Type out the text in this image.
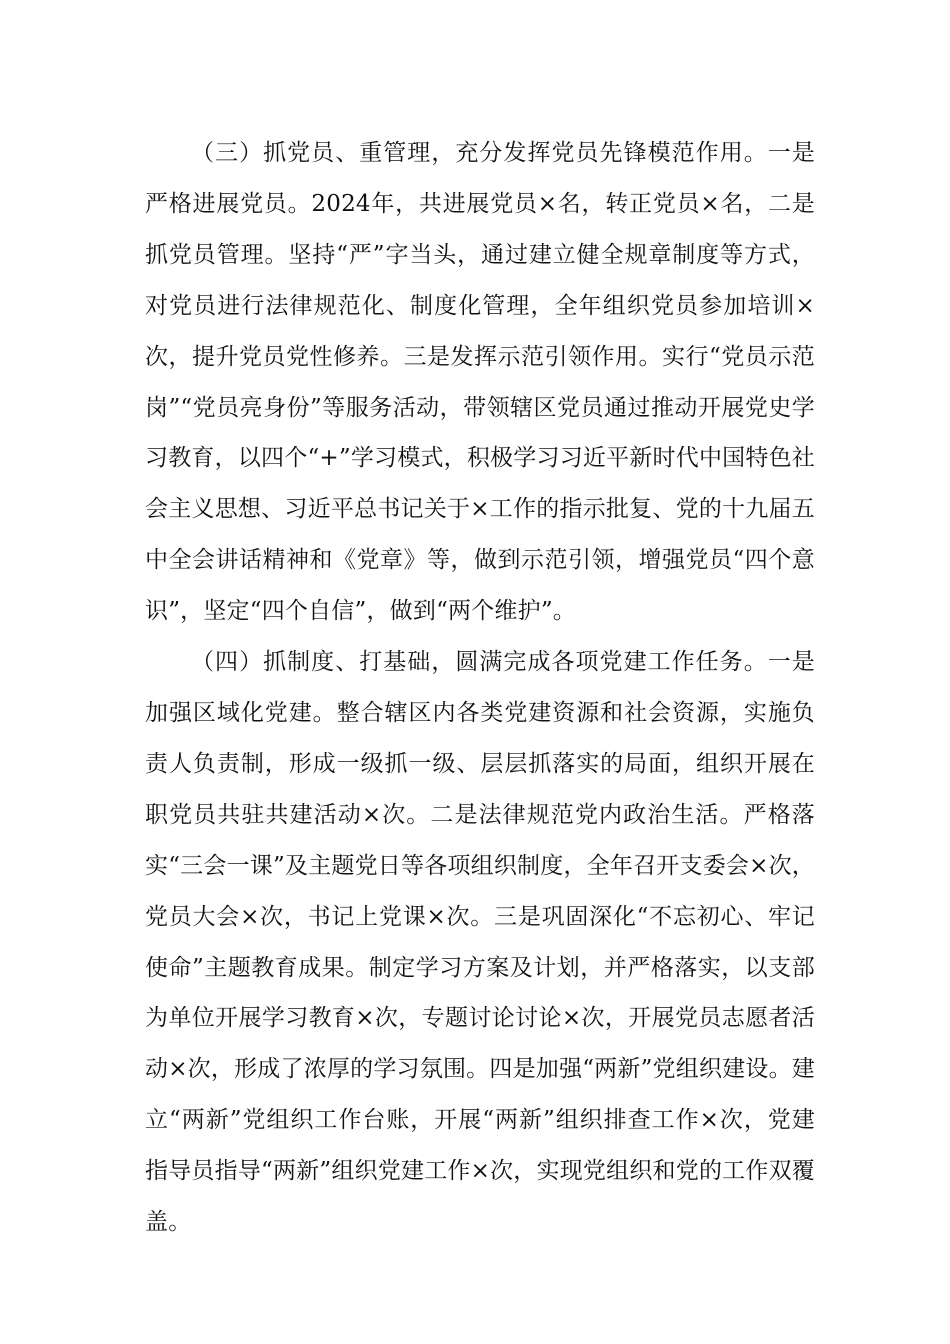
（三）抓党员、重管理，充分发挥党员先锋模范作用。一是严格进展党员。2024年，共进展党员×名，转正党员×名，二是抓党员管理。坚持“严”字当头，通过建立健全规章制度等方式，对党员进行法律规范化、制度化管理，全年组织党员参加培训×次，提升党员党性修养。三是发挥示范引领作用。实行“党员示范岗”“党员亮身份”等服务活动，带领辖区党员通过推动开展党史学习教育，以四个“+”学习模式，积极学习习近平新时代中国特色社会主义思想、习近平总书记关于×工作的指示批复、党的十九届五中全会讲话精神和《党章》等，做到示范引领，增强党员“四个意识”，坚定“四个自信”，做到“两个维护”。

（四）抓制度、打基础，圆满完成各项党建工作任务。一是加强区域化党建。整合辖区内各类党建资源和社会资源，实施负责人负责制，形成一级抓一级、层层抓落实的局面，组织开展在职党员共驻共建活动×次。二是法律规范党内政治生活。严格落实“三会一课”及主题党日等各项组织制度，全年召开支委会×次，党员大会×次，书记上党课×次。三是巩固深化“不忘初心、牢记使命”主题教育成果。制定学习方案及计划，并严格落实，以支部为单位开展学习教育×次，专题讨论讨论×次，开展党员志愿者活动×次，形成了浓厚的学习氛围。四是加强“两新”党组织建设。建立“两新”党组织工作台账，开展“两新”组织排查工作×次，党建指导员指导“两新”组织党建工作×次，实现党组织和党的工作双覆盖。
